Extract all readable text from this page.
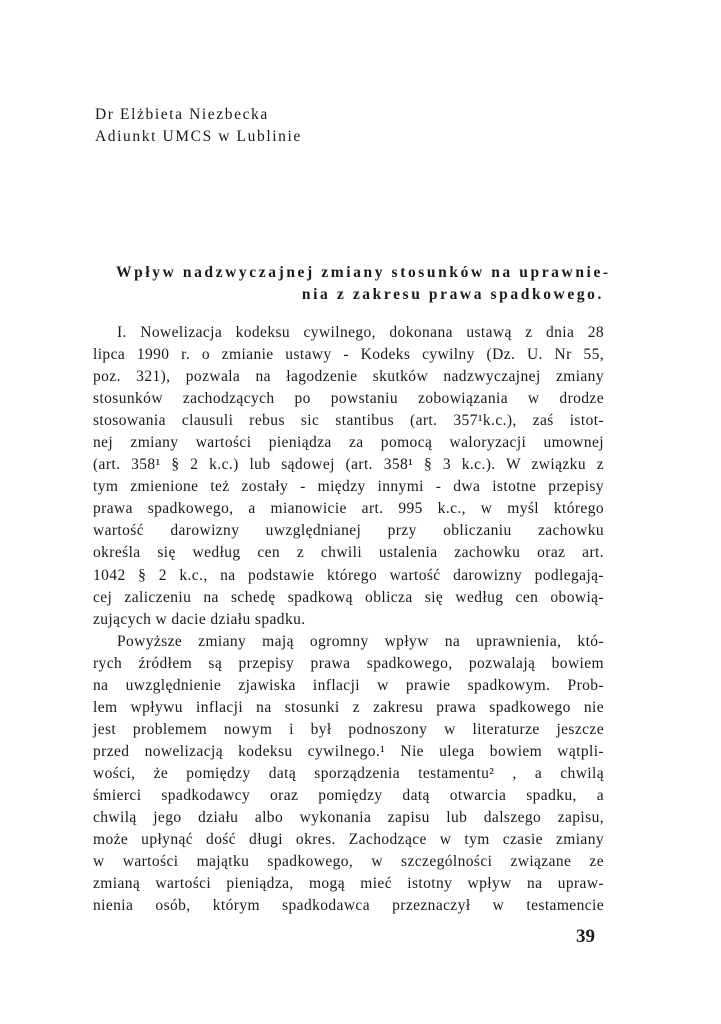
Dr Elżbieta Niezbecka
Adiunkt UMCS w Lublinie
Wpływ nadzwyczajnej zmiany stosunków na uprawnie-
nia z zakresu prawa spadkowego.
I. Nowelizacja kodeksu cywilnego, dokonana ustawą z dnia 28
lipca 1990 r. o zmianie ustawy - Kodeks cywilny (Dz. U. Nr 55,
poz. 321), pozwala na łagodzenie skutków nadzwyczajnej zmiany
stosunków zachodzących po powstaniu zobowiązania w drodze
stosowania clausuli rebus sic stantibus (art. 357¹k.c.), zaś istot-
nej zmiany wartości pieniądza za pomocą waloryzacji umownej
(art. 358¹ § 2 k.c.) lub sądowej (art. 358¹ § 3 k.c.). W związku z
tym zmienione też zostały - między innymi - dwa istotne przepisy
prawa spadkowego, a mianowicie art. 995 k.c., w myśl którego
wartość darowizny uwzględnianej przy obliczaniu zachowku
określa się według cen z chwili ustalenia zachowku oraz art.
1042 § 2 k.c., na podstawie którego wartość darowizny podlegają-
cej zaliczeniu na schedę spadkową oblicza się według cen obowią-
zujących w dacie działu spadku.
Powyższe zmiany mają ogromny wpływ na uprawnienia, któ-
rych źródłem są przepisy prawa spadkowego, pozwalają bowiem
na uwzględnienie zjawiska inflacji w prawie spadkowym. Prob-
lem wpływu inflacji na stosunki z zakresu prawa spadkowego nie
jest problemem nowym i był podnoszony w literaturze jeszcze
przed nowelizacją kodeksu cywilnego.¹ Nie ulega bowiem wątpli-
wości, że pomiędzy datą sporządzenia testamentu² , a chwilą
śmierci spadkodawcy oraz pomiędzy datą otwarcia spadku, a
chwilą jego działu albo wykonania zapisu lub dalszego zapisu,
może upłynąć dość długi okres. Zachodzące w tym czasie zmiany
w wartości majątku spadkowego, w szczególności związane ze
zmianą wartości pieniądza, mogą mieć istotny wpływ na upraw-
nienia osób, którym spadkodawca przeznaczył w testamencie
39
